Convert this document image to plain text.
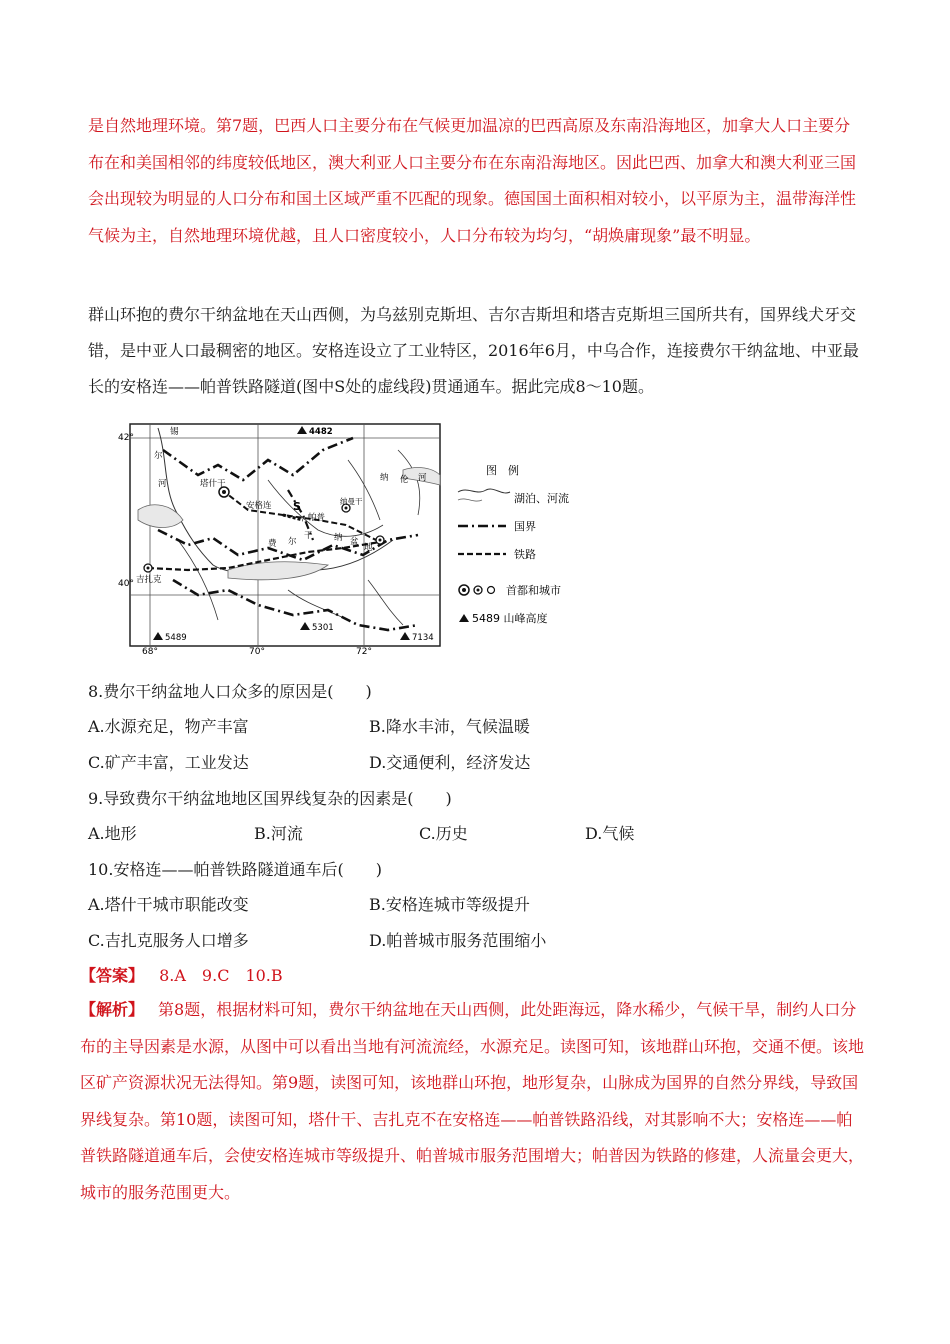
是自然地理环境。第7题，巴西人口主要分布在气候更加温凉的巴西高原及东南沿海地区，加拿大人口主要分布在和美国相邻的纬度较低地区，澳大利亚人口主要分布在东南沿海地区。因此巴西、加拿大和澳大利亚三国会出现较为明显的人口分布和国土区域严重不匹配的现象。德国国土面积相对较小，以平原为主，温带海洋性气候为主，自然地理环境优越，且人口密度较小，人口分布较为均匀，“胡焕庸现象”最不明显。

群山环抱的费尔干纳盆地在天山西侧，为乌兹别克斯坦、吉尔吉斯坦和塔吉克斯坦三国所共有，国界线犬牙交错，是中亚人口最稠密的地区。安格连设立了工业特区，2016年6月，中乌合作，连接费尔干纳盆地、中亚最长的安格连——帕普铁路隧道(图中S处的虚线段)贯通通车。据此完成8～10题。

42°
40°
68°	70°	72°
4482
5489
5301
7134
塔什干
安格连 S
帕普
纳曼干
吉扎克
锡
尔
河
纳 伦 河
费 尔
干	纳 盆
地
图　例
湖泊、河流
国界
铁路
首都和城市
5489 山峰高度
8.费尔干纳盆地人口众多的原因是(　　)
A.水源充足，物产丰富	B.降水丰沛，气候温暖
C.矿产丰富，工业发达	D.交通便利，经济发达
9.导致费尔干纳盆地地区国界线复杂的因素是(　　)
A.地形	B.河流	C.历史	D.气候
10.安格连——帕普铁路隧道通车后(　　)
A.塔什干城市职能改变	B.安格连城市等级提升
C.吉扎克服务人口增多	D.帕普城市服务范围缩小
【答案】 8.A　9.C　10.B

【解析】 第8题，根据材料可知，费尔干纳盆地在天山西侧，此处距海远，降水稀少，气候干旱，制约人口分布的主导因素是水源，从图中可以看出当地有河流流经，水源充足。读图可知，该地群山环抱，交通不便。该地区矿产资源状况无法得知。第9题，读图可知，该地群山环抱，地形复杂，山脉成为国界的自然分界线，导致国界线复杂。第10题，读图可知，塔什干、吉扎克不在安格连——帕普铁路沿线，对其影响不大；安格连——帕普铁路隧道通车后，会使安格连城市等级提升、帕普城市服务范围增大；帕普因为铁路的修建，人流量会更大，城市的服务范围更大。
